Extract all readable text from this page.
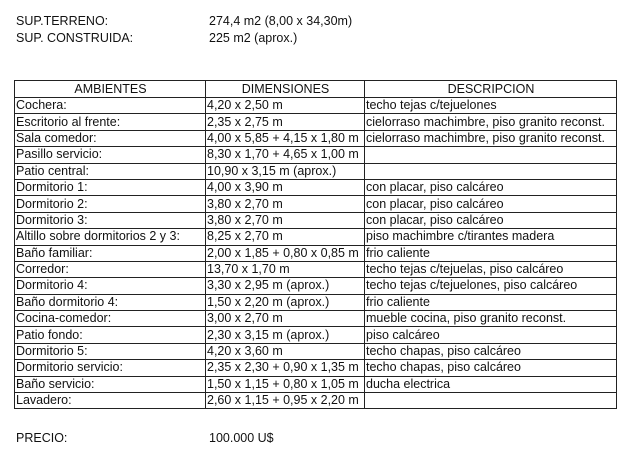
SUP.TERRENO:	274,4 m2 (8,00 x 34,30m)
SUP. CONSTRUIDA:	225 m2 (aprox.)
AMBIENTES	DIMENSIONES	DESCRIPCION
Cochera:	4,20 x 2,50 m	techo tejas c/tejuelones
Escritorio al frente:	2,35 x 2,75 m	cielorraso machimbre, piso granito reconst.
Sala comedor:	4,00 x 5,85 + 4,15 x 1,80 m	cielorraso machimbre, piso granito reconst.
Pasillo servicio:	8,30 x 1,70 + 4,65 x 1,00 m	
Patio central:	10,90 x 3,15 m (aprox.)	
Dormitorio 1:	4,00 x 3,90 m	con placar, piso calcáreo
Dormitorio 2:	3,80 x 2,70 m	con placar, piso calcáreo
Dormitorio 3:	3,80 x 2,70 m	con placar, piso calcáreo
Altillo sobre dormitorios 2 y 3:	8,25 x 2,70 m	piso machimbre c/tirantes madera
Baño familiar:	2,00 x 1,85 + 0,80 x 0,85 m	frio caliente
Corredor:	13,70 x 1,70 m	techo tejas c/tejuelas, piso calcáreo
Dormitorio 4:	3,30 x 2,95 m (aprox.)	techo tejas c/tejuelones, piso calcáreo
Baño dormitorio 4:	1,50 x 2,20 m (aprox.)	frio caliente
Cocina-comedor:	3,00 x 2,70 m	mueble cocina, piso granito reconst.
Patio fondo:	2,30 x 3,15 m (aprox.)	piso calcáreo
Dormitorio 5:	4,20 x 3,60 m	techo chapas, piso calcáreo
Dormitorio servicio:	2,35 x 2,30 + 0,90 x 1,35 m	techo chapas, piso calcáreo
Baño servicio:	1,50 x 1,15 + 0,80 x 1,05 m	ducha electrica
Lavadero:	2,60 x 1,15 + 0,95 x 2,20 m	
PRECIO:	100.000 U$
